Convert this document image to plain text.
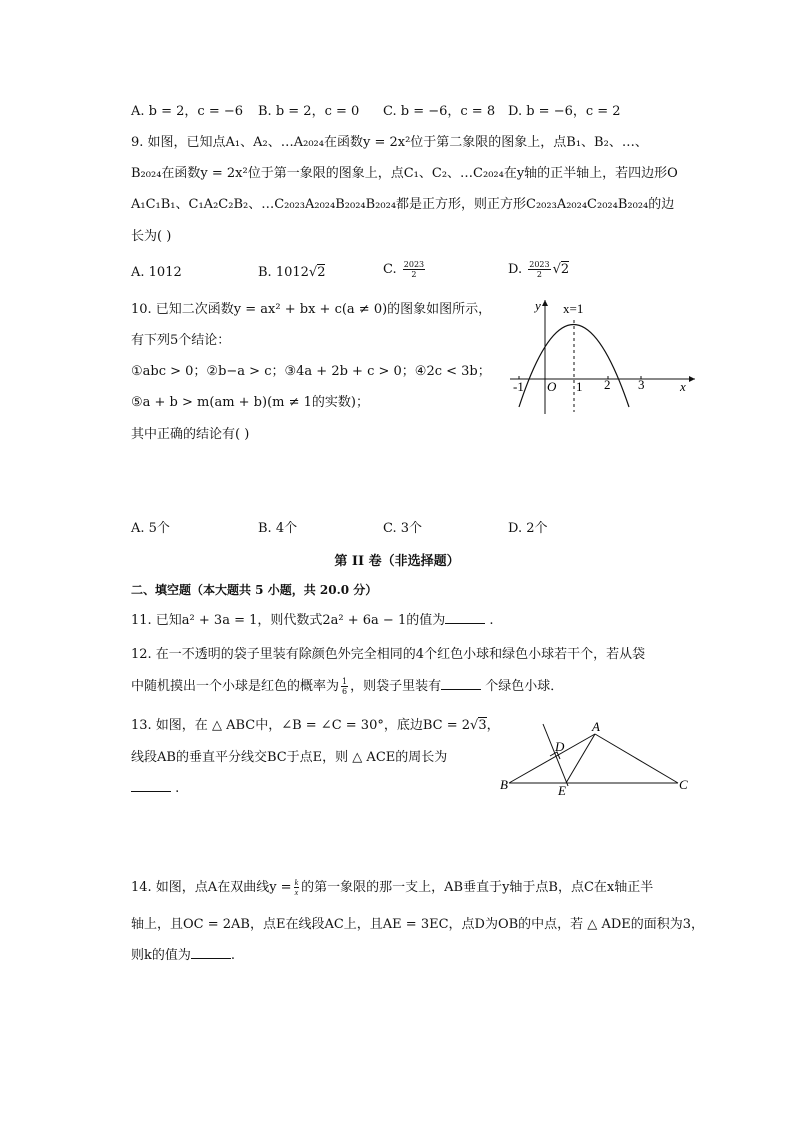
A. b = 2，c = −6 B. b = 2，c = 0 C. b = −6，c = 8 D. b = −6，c = 2
9. 如图，已知点A₁、A₂、…A₂₀₂₄在函数y = 2x²位于第二象限的图象上，点B₁、B₂、…、
B₂₀₂₄在函数y = 2x²位于第一象限的图象上，点C₁、C₂、…C₂₀₂₄在y轴的正半轴上，若四边形O
A₁C₁B₁、C₁A₂C₂B₂、…C₂₀₂₃A₂₀₂₄B₂₀₂₄B₂₀₂₄都是正方形，则正方形C₂₀₂₃A₂₀₂₄C₂₀₂₄B₂₀₂₄的边
长为( )
A. 1012	B. 1012√2	C. $\frac{2023}{2}$	D. $\frac{2023}{2} √2$
10. 已知二次函数y = ax² + bx + c(a ≠ 0)的图象如图所示，
有下列5个结论：
①abc > 0；②b−a > c；③4a + 2b + c > 0；④2c < 3b；
⑤a + b > m(am + b)(m ≠ 1的实数)；
其中正确的结论有( )
y x=1
x
O
-1	1 2 3
A. 5个	B. 4个	C. 3个	D. 2个
第 II 卷（非选择题）
二、填空题（本大题共 5 小题，共 20.0 分）
11. 已知a² + 3a = 1，则代数式2a² + 6a − 1的值为	.
12. 在一不透明的袋子里装有除颜色外完全相同的4个红色小球和绿色小球若干个，若从袋
中随机摸出一个小球是红色的概率为 $\frac{1}{6}$ ，则袋子里装有	个绿色小球．
13. 如图，在 △ ABC中，∠B = ∠C = 30°，底边BC = 2√3，
线段AB的垂直平分线交BC于点E，则 △ ACE的周长为
.
A
B	C
D
E
14. 如图，点A在双曲线$y = \frac{k}{x}$ 的第一象限的那一支上，AB垂直于y轴于点B，点C在x轴正半
轴上，且OC = 2AB，点E在线段AC上，且AE = 3EC，点D为OB的中点，若 △ ADE的面积为3，
则k的值为	.
